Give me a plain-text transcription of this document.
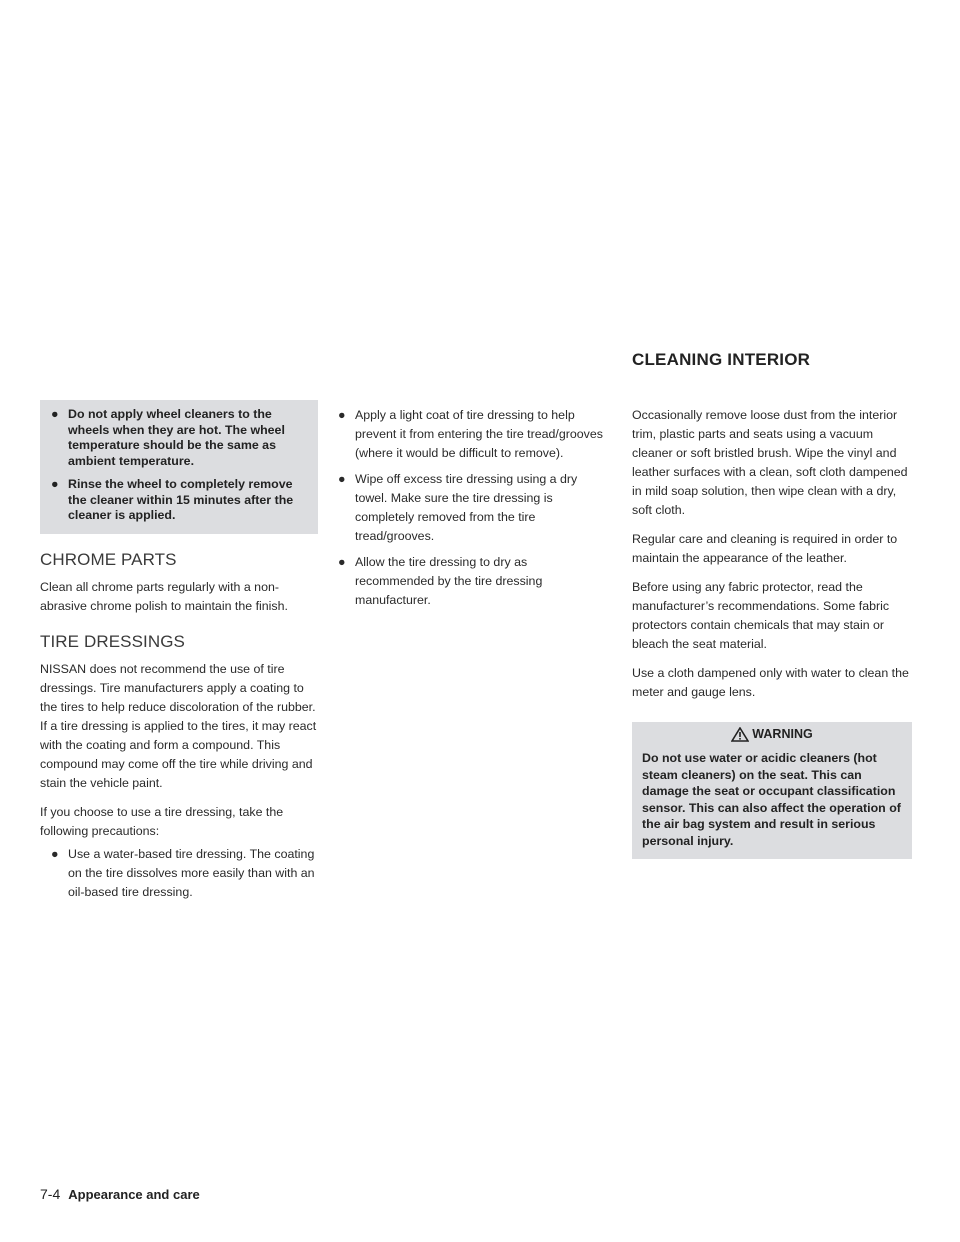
CLEANING INTERIOR
● Do not apply wheel cleaners to the wheels when they are hot. The wheel temperature should be the same as ambient temperature.
● Rinse the wheel to completely remove the cleaner within 15 minutes after the cleaner is applied.
CHROME PARTS

Clean all chrome parts regularly with a non-abrasive chrome polish to maintain the finish.

TIRE DRESSINGS

NISSAN does not recommend the use of tire dressings. Tire manufacturers apply a coating to the tires to help reduce discoloration of the rubber. If a tire dressing is applied to the tires, it may react with the coating and form a compound. This compound may come off the tire while driving and stain the vehicle paint.

If you choose to use a tire dressing, take the following precautions:

● Use a water-based tire dressing. The coating on the tire dissolves more easily than with an oil-based tire dressing.
● Apply a light coat of tire dressing to help prevent it from entering the tire tread/grooves (where it would be difficult to remove).
● Wipe off excess tire dressing using a dry towel. Make sure the tire dressing is completely removed from the tire tread/grooves.
● Allow the tire dressing to dry as recommended by the tire dressing manufacturer.

Occasionally remove loose dust from the interior trim, plastic parts and seats using a vacuum cleaner or soft bristled brush. Wipe the vinyl and leather surfaces with a clean, soft cloth dampened in mild soap solution, then wipe clean with a dry, soft cloth.

Regular care and cleaning is required in order to maintain the appearance of the leather.

Before using any fabric protector, read the manufacturer’s recommendations. Some fabric protectors contain chemicals that may stain or bleach the seat material.

Use a cloth dampened only with water to clean the meter and gauge lens.

WARNING
Do not use water or acidic cleaners (hot steam cleaners) on the seat. This can damage the seat or occupant classification sensor. This can also affect the operation of the air bag system and result in serious personal injury.
7-4 Appearance and care
